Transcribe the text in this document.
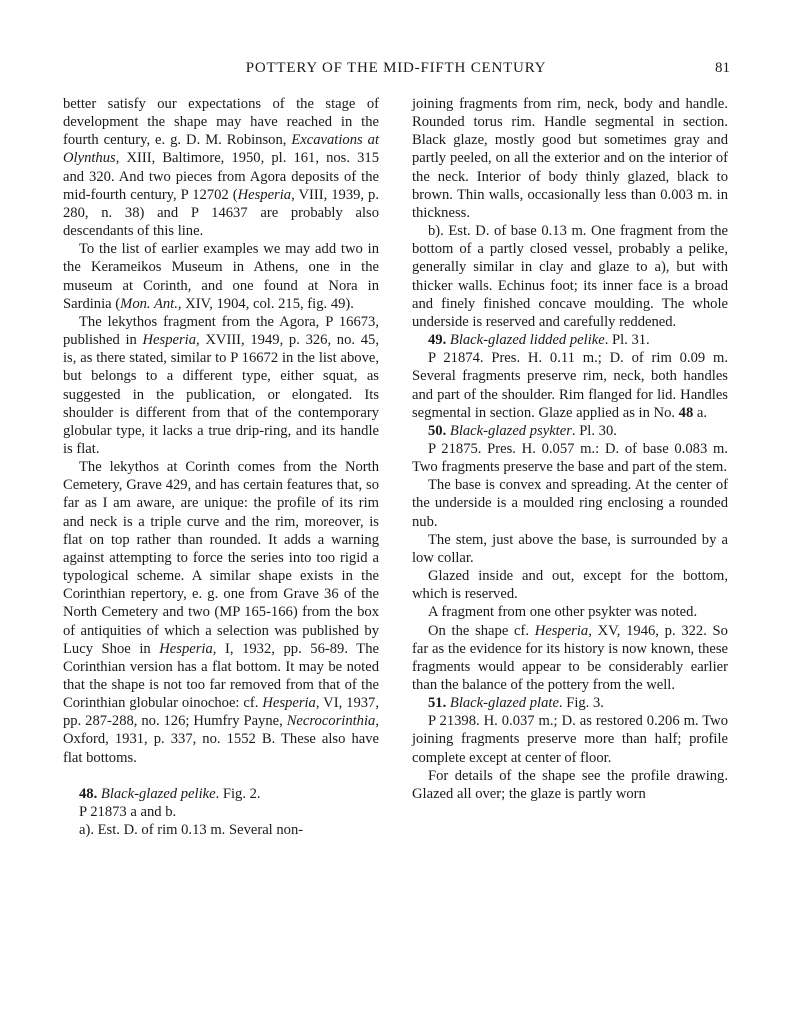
POTTERY OF THE MID-FIFTH CENTURY	81

better satisfy our expectations of the stage of development the shape may have reached in the fourth century, e. g. D. M. Robinson, Excavations at Olynthus, XIII, Baltimore, 1950, pl. 161, nos. 315 and 320. And two pieces from Agora deposits of the mid-fourth century, P 12702 (Hesperia, VIII, 1939, p. 280, n. 38) and P 14637 are probably also descendants of this line.

To the list of earlier examples we may add two in the Kerameikos Museum in Athens, one in the museum at Corinth, and one found at Nora in Sardinia (Mon. Ant., XIV, 1904, col. 215, fig. 49).

The lekythos fragment from the Agora, P 16673, published in Hesperia, XVIII, 1949, p. 326, no. 45, is, as there stated, similar to P 16672 in the list above, but belongs to a different type, either squat, as suggested in the publication, or elongated. Its shoulder is different from that of the contemporary globular type, it lacks a true drip-ring, and its handle is flat.

The lekythos at Corinth comes from the North Cemetery, Grave 429, and has certain features that, so far as I am aware, are unique: the profile of its rim and neck is a triple curve and the rim, moreover, is flat on top rather than rounded. It adds a warning against attempting to force the series into too rigid a typological scheme. A similar shape exists in the Corinthian repertory, e. g. one from Grave 36 of the North Cemetery and two (MP 165-166) from the box of antiquities of which a selection was published by Lucy Shoe in Hesperia, I, 1932, pp. 56-89. The Corinthian version has a flat bottom. It may be noted that the shape is not too far removed from that of the Corinthian globular oinochoe: cf. Hesperia, VI, 1937, pp. 287-288, no. 126; Humfry Payne, Necrocorinthia, Oxford, 1931, p. 337, no. 1552 B. These also have flat bottoms.

48. Black-glazed pelike. Fig. 2.

P 21873 a and b.

a). Est. D. of rim 0.13 m. Several non-

joining fragments from rim, neck, body and handle. Rounded torus rim. Handle segmental in section. Black glaze, mostly good but sometimes gray and partly peeled, on all the exterior and on the interior of the neck. Interior of body thinly glazed, black to brown. Thin walls, occasionally less than 0.003 m. in thickness.

b). Est. D. of base 0.13 m. One fragment from the bottom of a partly closed vessel, probably a pelike, generally similar in clay and glaze to a), but with thicker walls. Echinus foot; its inner face is a broad and finely finished concave moulding. The whole underside is reserved and carefully reddened.

49. Black-glazed lidded pelike. Pl. 31.

P 21874. Pres. H. 0.11 m.; D. of rim 0.09 m. Several fragments preserve rim, neck, both handles and part of the shoulder. Rim flanged for lid. Handles segmental in section. Glaze applied as in No. 48 a.

50. Black-glazed psykter. Pl. 30.

P 21875. Pres. H. 0.057 m.: D. of base 0.083 m. Two fragments preserve the base and part of the stem.

The base is convex and spreading. At the center of the underside is a moulded ring enclosing a rounded nub.

The stem, just above the base, is surrounded by a low collar.

Glazed inside and out, except for the bottom, which is reserved.

A fragment from one other psykter was noted.

On the shape cf. Hesperia, XV, 1946, p. 322. So far as the evidence for its history is now known, these fragments would appear to be considerably earlier than the balance of the pottery from the well.

51. Black-glazed plate. Fig. 3.

P 21398. H. 0.037 m.; D. as restored 0.206 m. Two joining fragments preserve more than half; profile complete except at center of floor.

For details of the shape see the profile drawing. Glazed all over; the glaze is partly worn
